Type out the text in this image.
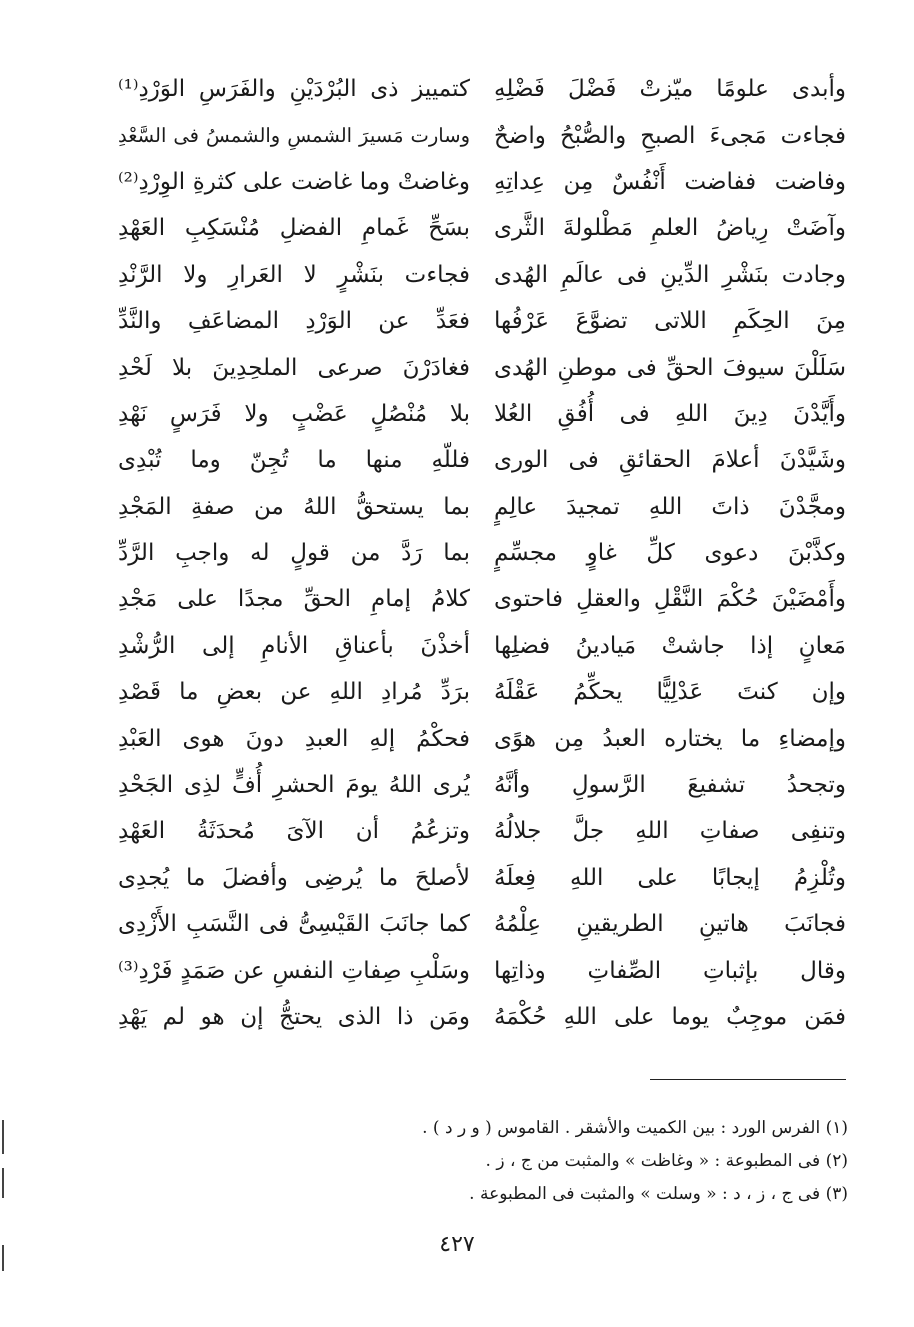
وأبدى علومًا ميّزتْ فَضْلَ فَضْلِهِ
كتمييز ذى البُرْدَيْنِ والفَرَسِ الوَرْدِ⁽¹⁾
فجاءت مَجىءَ الصبحِ والصُّبْحُ واضحٌ
وسارت مَسيرَ الشمسِ والشمسُ فى السَّعْدِ
وفاضت ففاضت أَنْفُسٌ مِن عِداتِهِ
وغاضتْ وما غاضت على كثرةِ الوِرْدِ⁽²⁾
وآضَتْ رِياضُ العلمِ مَطْلولةَ الثَّرى
بسَحِّ غَمامِ الفضلِ مُنْسَكِبِ العَهْدِ
وجادت بنَشْرِ الدِّينِ فى عالَمِ الهُدى
فجاءت بنَشْرٍ لا العَرارِ ولا الرَّنْدِ
مِنَ الحِكَمِ اللاتى تضوَّعَ عَرْفُها
فعَدِّ عن الوَرْدِ المضاعَفِ والنَّدِّ
سَلَلْنَ سيوفَ الحقِّ فى موطنِ الهُدى
فغادَرْنَ صرعى الملحِدِينَ بلا لَحْدِ
وأَيَّدْنَ دِينَ اللهِ فى أُفُقِ العُلا
بلا مُنْصُلٍ عَضْبٍ ولا فَرَسٍ نَهْدِ
وشَيَّدْنَ أعلامَ الحقائقِ فى الورى
فللّهِ منها ما تُجِنّ وما تُبْدِى
ومجَّدْنَ ذاتَ اللهِ تمجيدَ عالِمٍ
بما يستحقُّ اللهُ من صفةِ المَجْدِ
وكذَّبْنَ دعوى كلِّ غاوٍ مجسِّمٍ
بما رَدَّ من قولٍ له واجبِ الرَّدِّ
وأَمْضَيْنَ حُكْمَ النَّقْلِ والعقلِ فاحتوى
كلامُ إمامِ الحقِّ مجدًا على مَجْدِ
مَعانٍ إذا جاشتْ مَيادينُ فضلِها
أخذْنَ بأعناقِ الأنامِ إلى الرُّشْدِ
وإن كنتَ عَدْلِيًّا يحكِّمُ عَقْلَهُ
برَدِّ مُرادِ اللهِ عن بعضِ ما قَصْدِ
وإمضاءِ ما يختاره العبدُ مِن هوًى
فحكْمُ إلهِ العبدِ دونَ هوى العَبْدِ
وتجحدُ تشفيعَ الرَّسولِ وأنَّهُ
يُرى اللهُ يومَ الحشرِ أُفٍّ لذِى الجَحْدِ
وتنفِى صفاتِ اللهِ جلَّ جلالُهُ
وتزعُمُ أن الآىَ مُحدَثَةُ العَهْدِ
وتُلْزِمُ إيجابًا على اللهِ فِعلَهُ
لأصلحَ ما يُرضِى وأفضلَ ما يُجدِى
فجانَبَ هاتينِ الطريقينِ عِلْمُهُ
كما جانَبَ القَيْسِىُّ فى النَّسَبِ الأَزْدِى
وقال بإثباتِ الصِّفاتِ وذاتِها
وسَلْبِ صِفاتِ النفسِ عن صَمَدٍ فَرْدِ⁽³⁾
فمَن موجِبٌ يوما على اللهِ حُكْمَهُ
ومَن ذا الذى يحتجُّ إن هو لم يَهْدِ
(١) الفرس الورد : بين الكميت والأشقر . القاموس ( و ر د ) .
(٢) فى المطبوعة : « وغاظت » والمثبت من ج ، ز .
(٣) فى ج ، ز ، د : « وسلت » والمثبت فى المطبوعة .
٤٢٧
